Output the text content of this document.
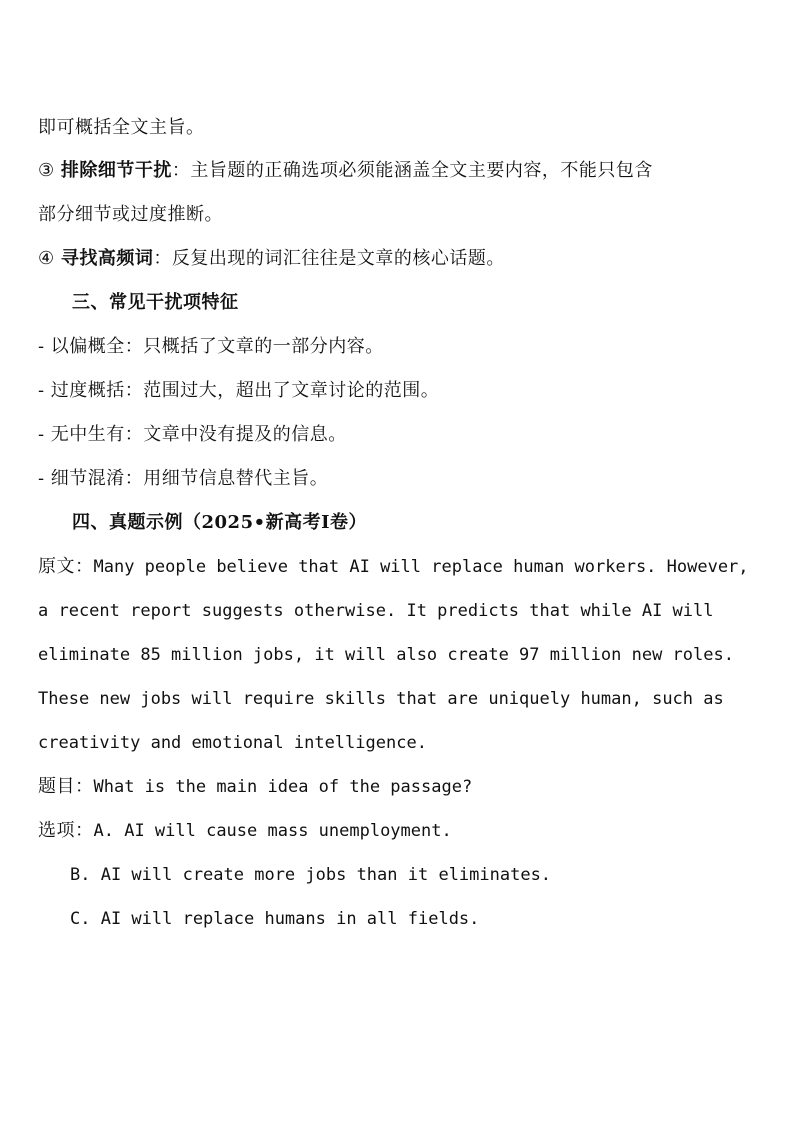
即可概括全文主旨。
③ 排除细节干扰：主旨题的正确选项必须能涵盖全文主要内容，不能只包含
部分细节或过度推断。
④ 寻找高频词：反复出现的词汇往往是文章的核心话题。
三、常见干扰项特征
- 以偏概全：只概括了文章的一部分内容。
- 过度概括：范围过大，超出了文章讨论的范围。
- 无中生有：文章中没有提及的信息。
- 细节混淆：用细节信息替代主旨。
四、真题示例（2025•新高考Ⅰ卷）
原文：Many people believe that AI will replace human workers. However,
a recent report suggests otherwise. It predicts that while AI will
eliminate 85 million jobs, it will also create 97 million new roles.
These new jobs will require skills that are uniquely human, such as
creativity and emotional intelligence.
题目：What is the main idea of the passage?
选项：A. AI will cause mass unemployment.
B. AI will create more jobs than it eliminates.
C. AI will replace humans in all fields.
